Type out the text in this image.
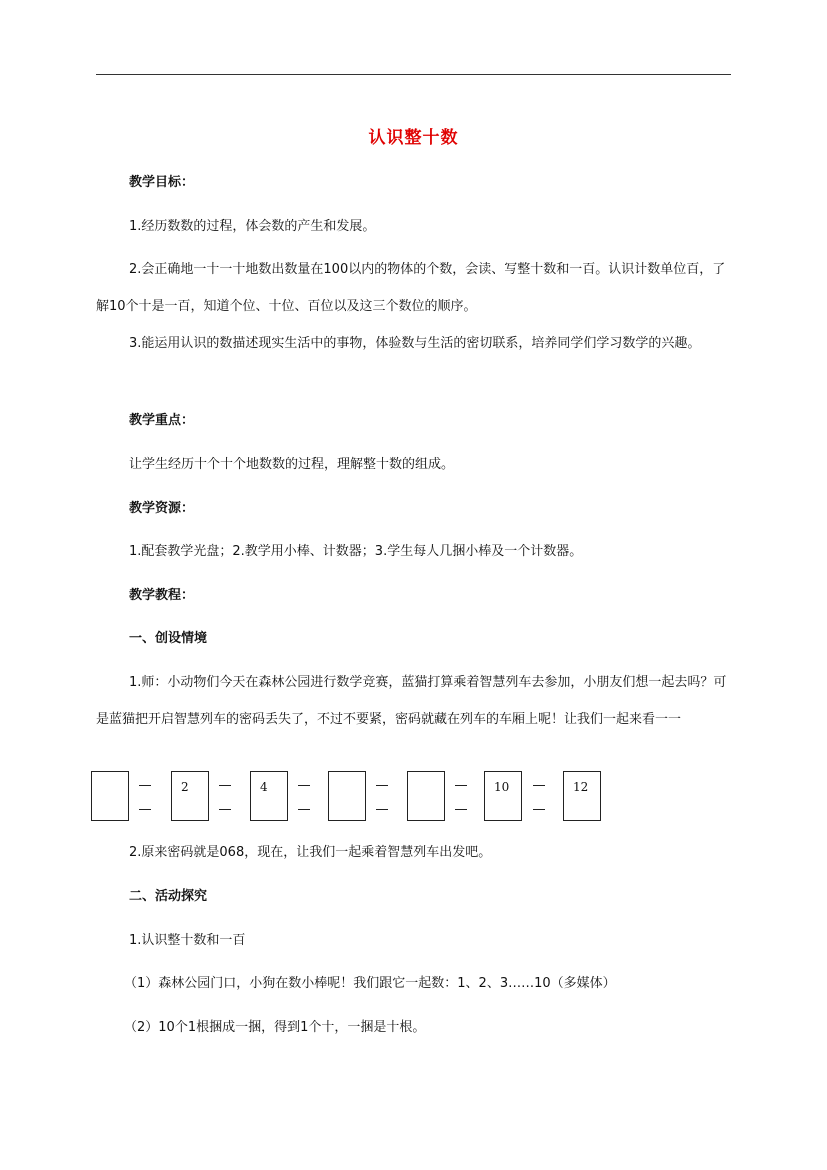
认识整十数
教学目标：
1.经历数数的过程，体会数的产生和发展。
2.会正确地一十一十地数出数量在100以内的物体的个数，会读、写整十数和一百。认识计数单位百，了解10个十是一百，知道个位、十位、百位以及这三个数位的顺序。
3.能运用认识的数描述现实生活中的事物，体验数与生活的密切联系，培养同学们学习数学的兴趣。
教学重点：
让学生经历十个十个地数数的过程，理解整十数的组成。
教学资源：
1.配套教学光盘；2.教学用小棒、计数器；3.学生每人几捆小棒及一个计数器。
教学教程：
一、创设情境
1.师：小动物们今天在森林公园进行数学竞赛，蓝猫打算乘着智慧列车去参加，小朋友们想一起去吗？可是蓝猫把开启智慧列车的密码丢失了，不过不要紧，密码就藏在列车的车厢上呢！让我们一起来看一一
2	4	10	12
2.原来密码就是068，现在，让我们一起乘着智慧列车出发吧。
二、活动探究
1.认识整十数和一百
（1）森林公园门口，小狗在数小棒呢！我们跟它一起数：1、2、3……10（多媒体）
（2）10个1根捆成一捆，得到1个十，一捆是十根。
